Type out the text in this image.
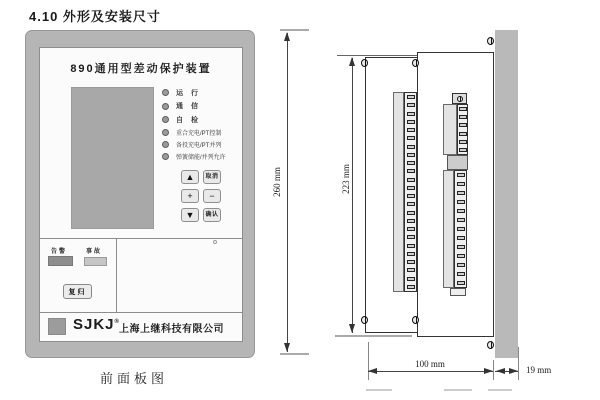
4.10 外形及安装尺寸
890通用型差动保护装置
运 行
通 信
自 检
重合充电/PT控制
备投充电/PT并列
弹簧储能/并列允许
▲	取消
+	−
▼	确认
告警	事故
复归
SJKJ®
上海上继科技有限公司
前面板图
260 mm	223 mm
100 mm
19 mm
